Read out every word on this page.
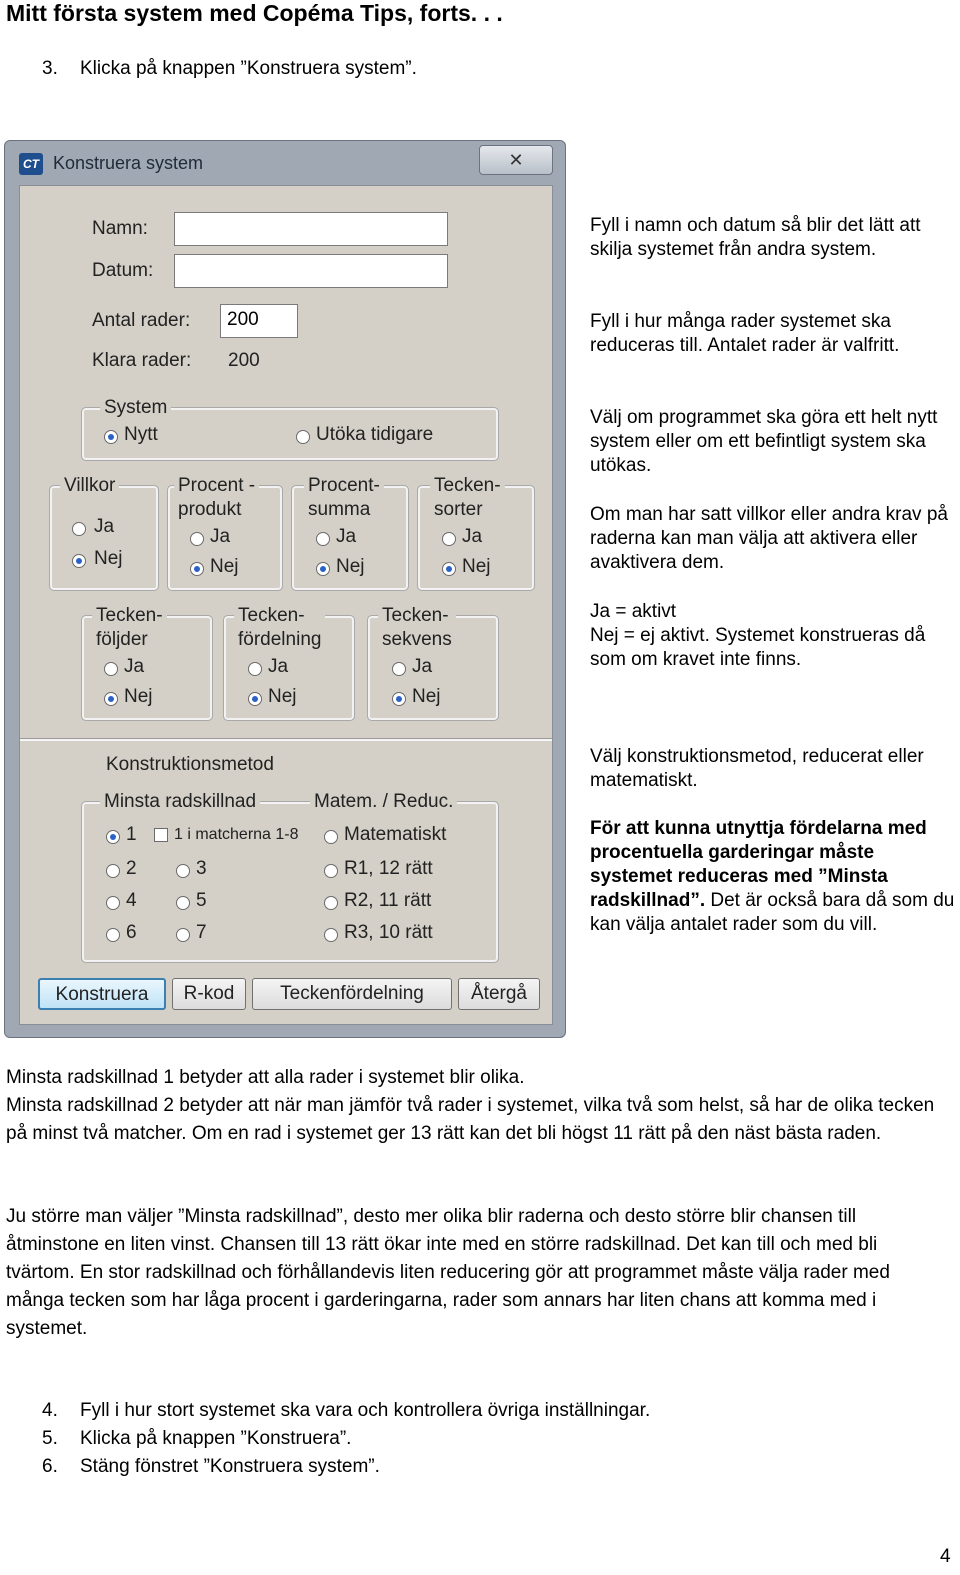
Mitt första system med Copéma Tips, forts. . .
3.	Klicka på knappen ”Konstruera system”.
CT Konstruera system	✕
Namn:
Datum:
Antal rader:	200
Klara rader: 200
System
Nytt	Utöka tidigare
Villkor
Ja
Nej
Procent -
produkt
Ja
Nej
Procent-
summa
Ja
Nej
Tecken-
sorter
Ja
Nej
Tecken-
följder
Ja
Nej
Tecken-
fördelning
Ja
Nej
Tecken-
sekvens
Ja
Nej
Konstruktionsmetod
Minsta radskillnad	Matem. / Reduc.
1 1 i matcherna 1-8
2	3
4	5
6	7
Matematiskt
R1, 12 rätt
R2, 11 rätt
R3, 10 rätt
Konstruera	R-kod	Teckenfördelning	Återgå
Fyll i namn och datum så blir det lätt att skilja systemet från andra system.
Fyll i hur många rader systemet ska reduceras till. Antalet rader är valfritt.
Välj om programmet ska göra ett helt nytt system eller om ett befintligt system ska utökas.
Om man har satt villkor eller andra krav på raderna kan man välja att aktivera eller avaktivera dem.
Ja = aktivt
Nej = ej aktivt. Systemet konstrueras då som om kravet inte finns.
Välj konstruktionsmetod, reducerat eller matematiskt.
För att kunna utnyttja fördelarna med procentuella garderingar måste systemet reduceras med ”Minsta radskillnad”. Det är också bara då som du kan välja antalet rader som du vill.
Minsta radskillnad 1 betyder att alla rader i systemet blir olika.
Minsta radskillnad 2 betyder att när man jämför två rader i systemet, vilka två som helst, så har de olika tecken på minst två matcher. Om en rad i systemet ger 13 rätt kan det bli högst 11 rätt på den näst bästa raden.
Ju större man väljer ”Minsta radskillnad”, desto mer olika blir raderna och desto större blir chansen till åtminstone en liten vinst. Chansen till 13 rätt ökar inte med en större radskillnad. Det kan till och med bli tvärtom. En stor radskillnad och förhållandevis liten reducering gör att programmet måste välja rader med många tecken som har låga procent i garderingarna, rader som annars har liten chans att komma med i systemet.
4.	Fyll i hur stort systemet ska vara och kontrollera övriga inställningar.
5.	Klicka på knappen ”Konstruera”.
6.	Stäng fönstret ”Konstruera system”.
4
